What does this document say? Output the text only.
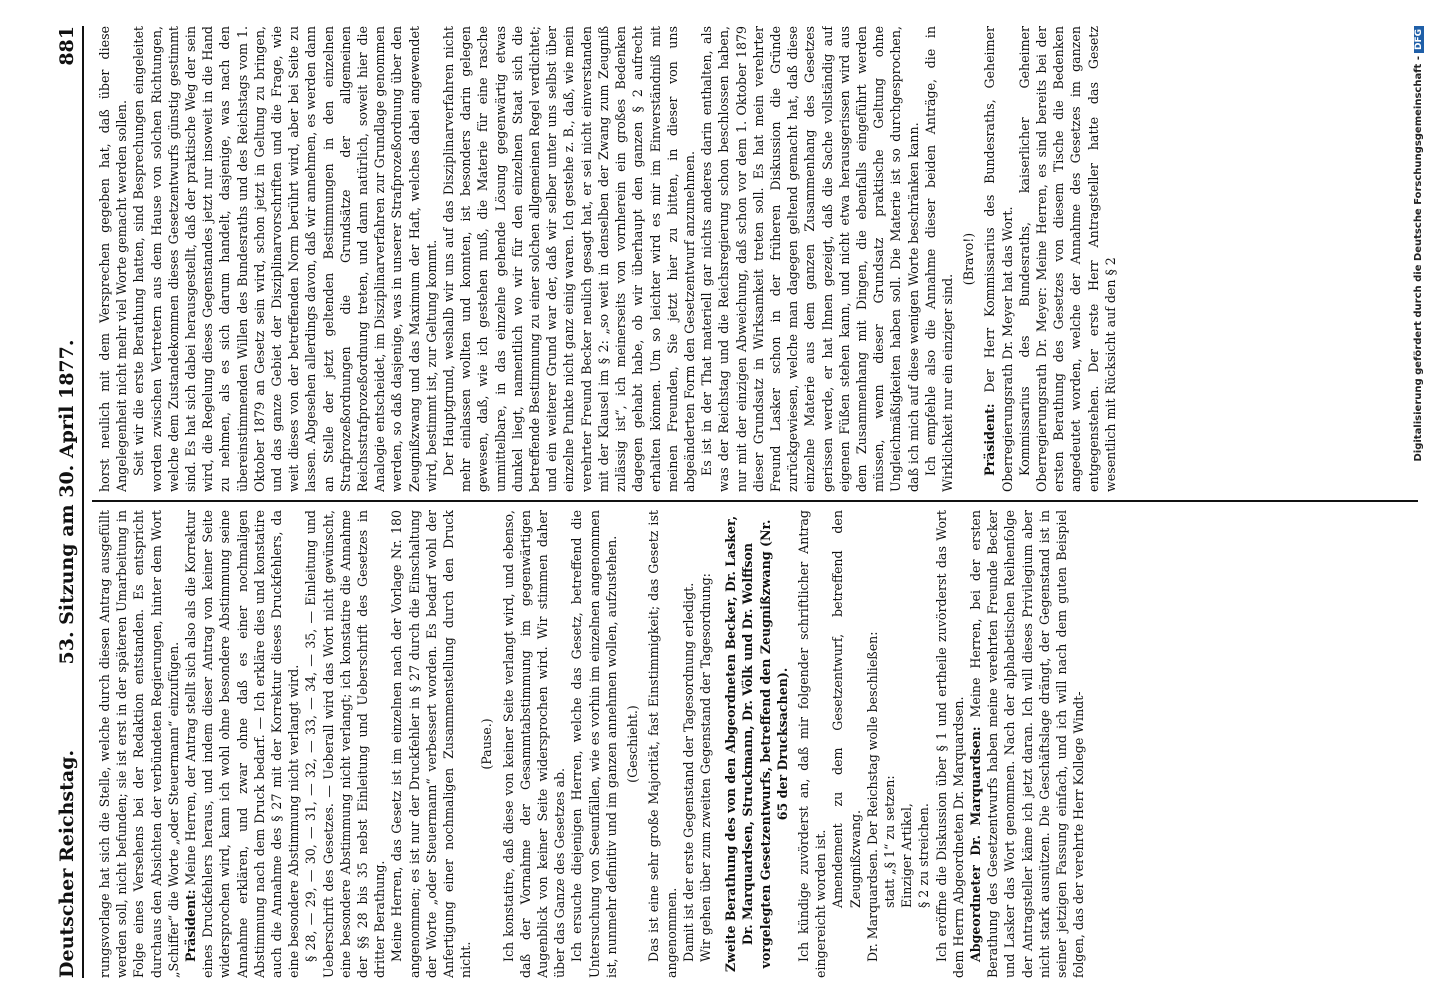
Deutscher Reichstag.
53. Sitzung am 30. April 1877.
881

rungsvorlage hat sich die Stelle, welche durch diesen Antrag ausgefüllt werden soll, nicht befunden; sie ist erst in der späteren Umarbeitung in Folge eines Versehens bei der Redaktion entstanden. Es entspricht durchaus den Absichten der verbündeten Regierungen, hinter dem Wort „Schiffer“ die Worte „oder Steuermann“ einzufügen. Präsident: Meine Herren, der Antrag stellt sich also als die Korrektur eines Druckfehlers heraus, und indem dieser Antrag von keiner Seite widersprochen wird, kann ich wohl ohne besondere Abstimmung seine Annahme erklären, und zwar ohne daß es einer nochmaligen Abstimmung nach dem Druck bedarf. — Ich erkläre dies und konstatire auch die Annahme des § 27 mit der Korrektur dieses Druckfehlers, da eine besondere Abstimmung nicht verlangt wird. § 28, — 29, — 30, — 31, — 32, — 33, — 34, — 35, — Einleitung und Ueberschrift des Gesetzes. — Ueberall wird das Wort nicht gewünscht, eine besondere Abstimmung nicht verlangt; ich konstatire die Annahme der §§ 28 bis 35 nebst Einleitung und Ueberschrift des Gesetzes in dritter Berathung. Meine Herren, das Gesetz ist im einzelnen nach der Vorlage Nr. 180 angenommen; es ist nur der Druckfehler in § 27 durch die Einschaltung der Worte „oder Steuermann“ verbessert worden. Es bedarf wohl der Anfertigung einer nochmaligen Zusammenstellung durch den Druck nicht.

(Pause.) Ich konstatire, daß diese von keiner Seite verlangt wird, und ebenso, daß der Vornahme der Gesammtabstimmung im gegenwärtigen Augenblick von keiner Seite widersprochen wird. Wir stimmen daher über das Ganze des Gesetzes ab. Ich ersuche diejenigen Herren, welche das Gesetz, betreffend die Untersuchung von Seeunfällen, wie es vorhin im einzelnen angenommen ist, nunmehr definitiv und im ganzen annehmen wollen, aufzustehen. (Geschieht.) Das ist eine sehr große Majorität, fast Einstimmigkeit; das Gesetz ist angenommen. Damit ist der erste Gegenstand der Tagesordnung erledigt. Wir gehen über zum zweiten Gegenstand der Tagesordnung: Zweite Berathung des von den Abgeordneten Becker, Dr. Lasker, Dr. Marquardsen, Struckmann, Dr. Völk und Dr. Wolffson vorgelegten Gesetzentwurfs, betreffend den Zeugnißzwang (Nr. 65 der Drucksachen). Ich kündige zuvörderst an, daß mir folgender schriftlicher Antrag eingereicht worden ist. Amendement zu dem Gesetzentwurf, betreffend den Zeugnißzwang. Dr. Marquardsen. Der Reichstag wolle beschließen: statt „§ 1“ zu setzen: Einziger Artikel, § 2 zu streichen. Ich eröffne die Diskussion über § 1 und ertheile zuvörderst das Wort dem Herrn Abgeordneten Dr. Marquardsen. Abgeordneter Dr. Marquardsen: Meine Herren, bei der ersten Berathung des Gesetzentwurfs haben meine verehrten Freunde Becker und Lasker das Wort genommen. Nach der alphabetischen Reihenfolge der Antragsteller käme ich jetzt daran. Ich will dieses Privilegium aber nicht stark ausnützen. Die Geschäftslage drängt, der Gegenstand ist in seiner jetzigen Fassung einfach, und ich will nach dem guten Beispiel folgen, das der verehrte Herr Kollege Windt-

horst neulich mit dem Versprechen gegeben hat, daß über diese Angelegenheit nicht mehr viel Worte gemacht werden sollen. Seit wir die erste Berathung hatten, sind Besprechungen eingeleitet worden zwischen Vertretern aus dem Hause von solchen Richtungen, welche dem Zustandekommen dieses Gesetzentwurfs günstig gestimmt sind. Es hat sich dabei herausgestellt, daß der praktische Weg der sein wird, die Regelung dieses Gegenstandes jetzt nur insoweit in die Hand zu nehmen, als es sich darum handelt, dasjenige, was nach den übereinstimmenden Willen des Bundesraths und des Reichstags vom 1. Oktober 1879 an Gesetz sein wird, schon jetzt in Geltung zu bringen, und das ganze Gebiet der Disziplinarvorschriften und die Frage, wie weit dieses von der betreffenden Norm berührt wird, aber bei Seite zu lassen. Abgesehen allerdings davon, daß wir annehmen, es werden dann an Stelle der jetzt geltenden Bestimmungen in den einzelnen Strafprozeßordnungen die Grundsätze der allgemeinen Reichsstrafprozeßordnung treten, und dann natürlich, soweit hier die Analogie entscheidet, im Disziplinarverfahren zur Grundlage genommen werden, so daß dasjenige, was in unserer Strafprozeßordnung über den Zeugnißzwang und das Maximum der Haft, welches dabei angewendet wird, bestimmt ist, zur Geltung kommt. Der Hauptgrund, weshalb wir uns auf das Disziplinarverfahren nicht mehr einlassen wollten und konnten, ist besonders darin gelegen gewesen, daß, wie ich gestehen muß, die Materie für eine rasche unmittelbare, in das einzelne gehende Lösung gegenwärtig etwas dunkel liegt, namentlich wo wir für den einzelnen Staat sich die betreffende Bestimmung zu einer solchen allgemeinen Regel verdichtet; und ein weiterer Grund war der, daß wir selber unter uns selbst über einzelne Punkte nicht ganz einig waren. Ich gestehe z. B., daß, wie mein verehrter Freund Becker neulich gesagt hat, er sei nicht einverstanden mit der Klausel im § 2: „so weit in denselben der Zwang zum Zeugniß zulässig ist“, ich meinerseits von vornherein ein großes Bedenken dagegen gehabt habe, ob wir überhaupt den ganzen § 2 aufrecht erhalten können. Um so leichter wird es mir im Einverständniß mit meinen Freunden, Sie jetzt hier zu bitten, in dieser von uns abgeänderten Form den Gesetzentwurf anzunehmen. Es ist in der That materiell gar nichts anderes darin enthalten, als was der Reichstag und die Reichsregierung schon beschlossen haben, nur mit der einzigen Abweichung, daß schon vor dem 1. Oktober 1879 dieser Grundsatz in Wirksamkeit treten soll. Es hat mein verehrter Freund Lasker schon in der früheren Diskussion die Gründe zurückgewiesen, welche man dagegen geltend gemacht hat, daß diese einzelne Materie aus dem ganzen Zusammenhang des Gesetzes gerissen werde, er hat Ihnen gezeigt, daß die Sache vollständig auf eigenen Füßen stehen kann, und nicht etwa herausgerissen wird aus dem Zusammenhang mit Dingen, die ebenfalls eingeführt werden müssen, wenn dieser Grundsatz praktische Geltung ohne Ungleichmäßigkeiten haben soll. Die Materie ist so durchgesprochen, daß ich mich auf diese wenigen Worte beschränken kann. Ich empfehle also die Annahme dieser beiden Anträge, die in Wirklichkeit nur ein einziger sind.

(Bravo!)

Präsident: Der Herr Kommissarius des Bundesraths, Geheimer Oberregierungsrath Dr. Meyer hat das Wort. Kommissarius des Bundesraths, kaiserlicher Geheimer Oberregierungsrath Dr. Meyer: Meine Herren, es sind bereits bei der ersten Berathung des Gesetzes von diesem Tische die Bedenken angedeutet worden, welche der Annahme des Gesetzes im ganzen entgegenstehen. Der erste Herr Antragsteller hatte das Gesetz wesentlich mit Rücksicht auf den § 2	Digitalisierung gefördert durch die Deutsche Forschungsgemeinschaft -DFG
